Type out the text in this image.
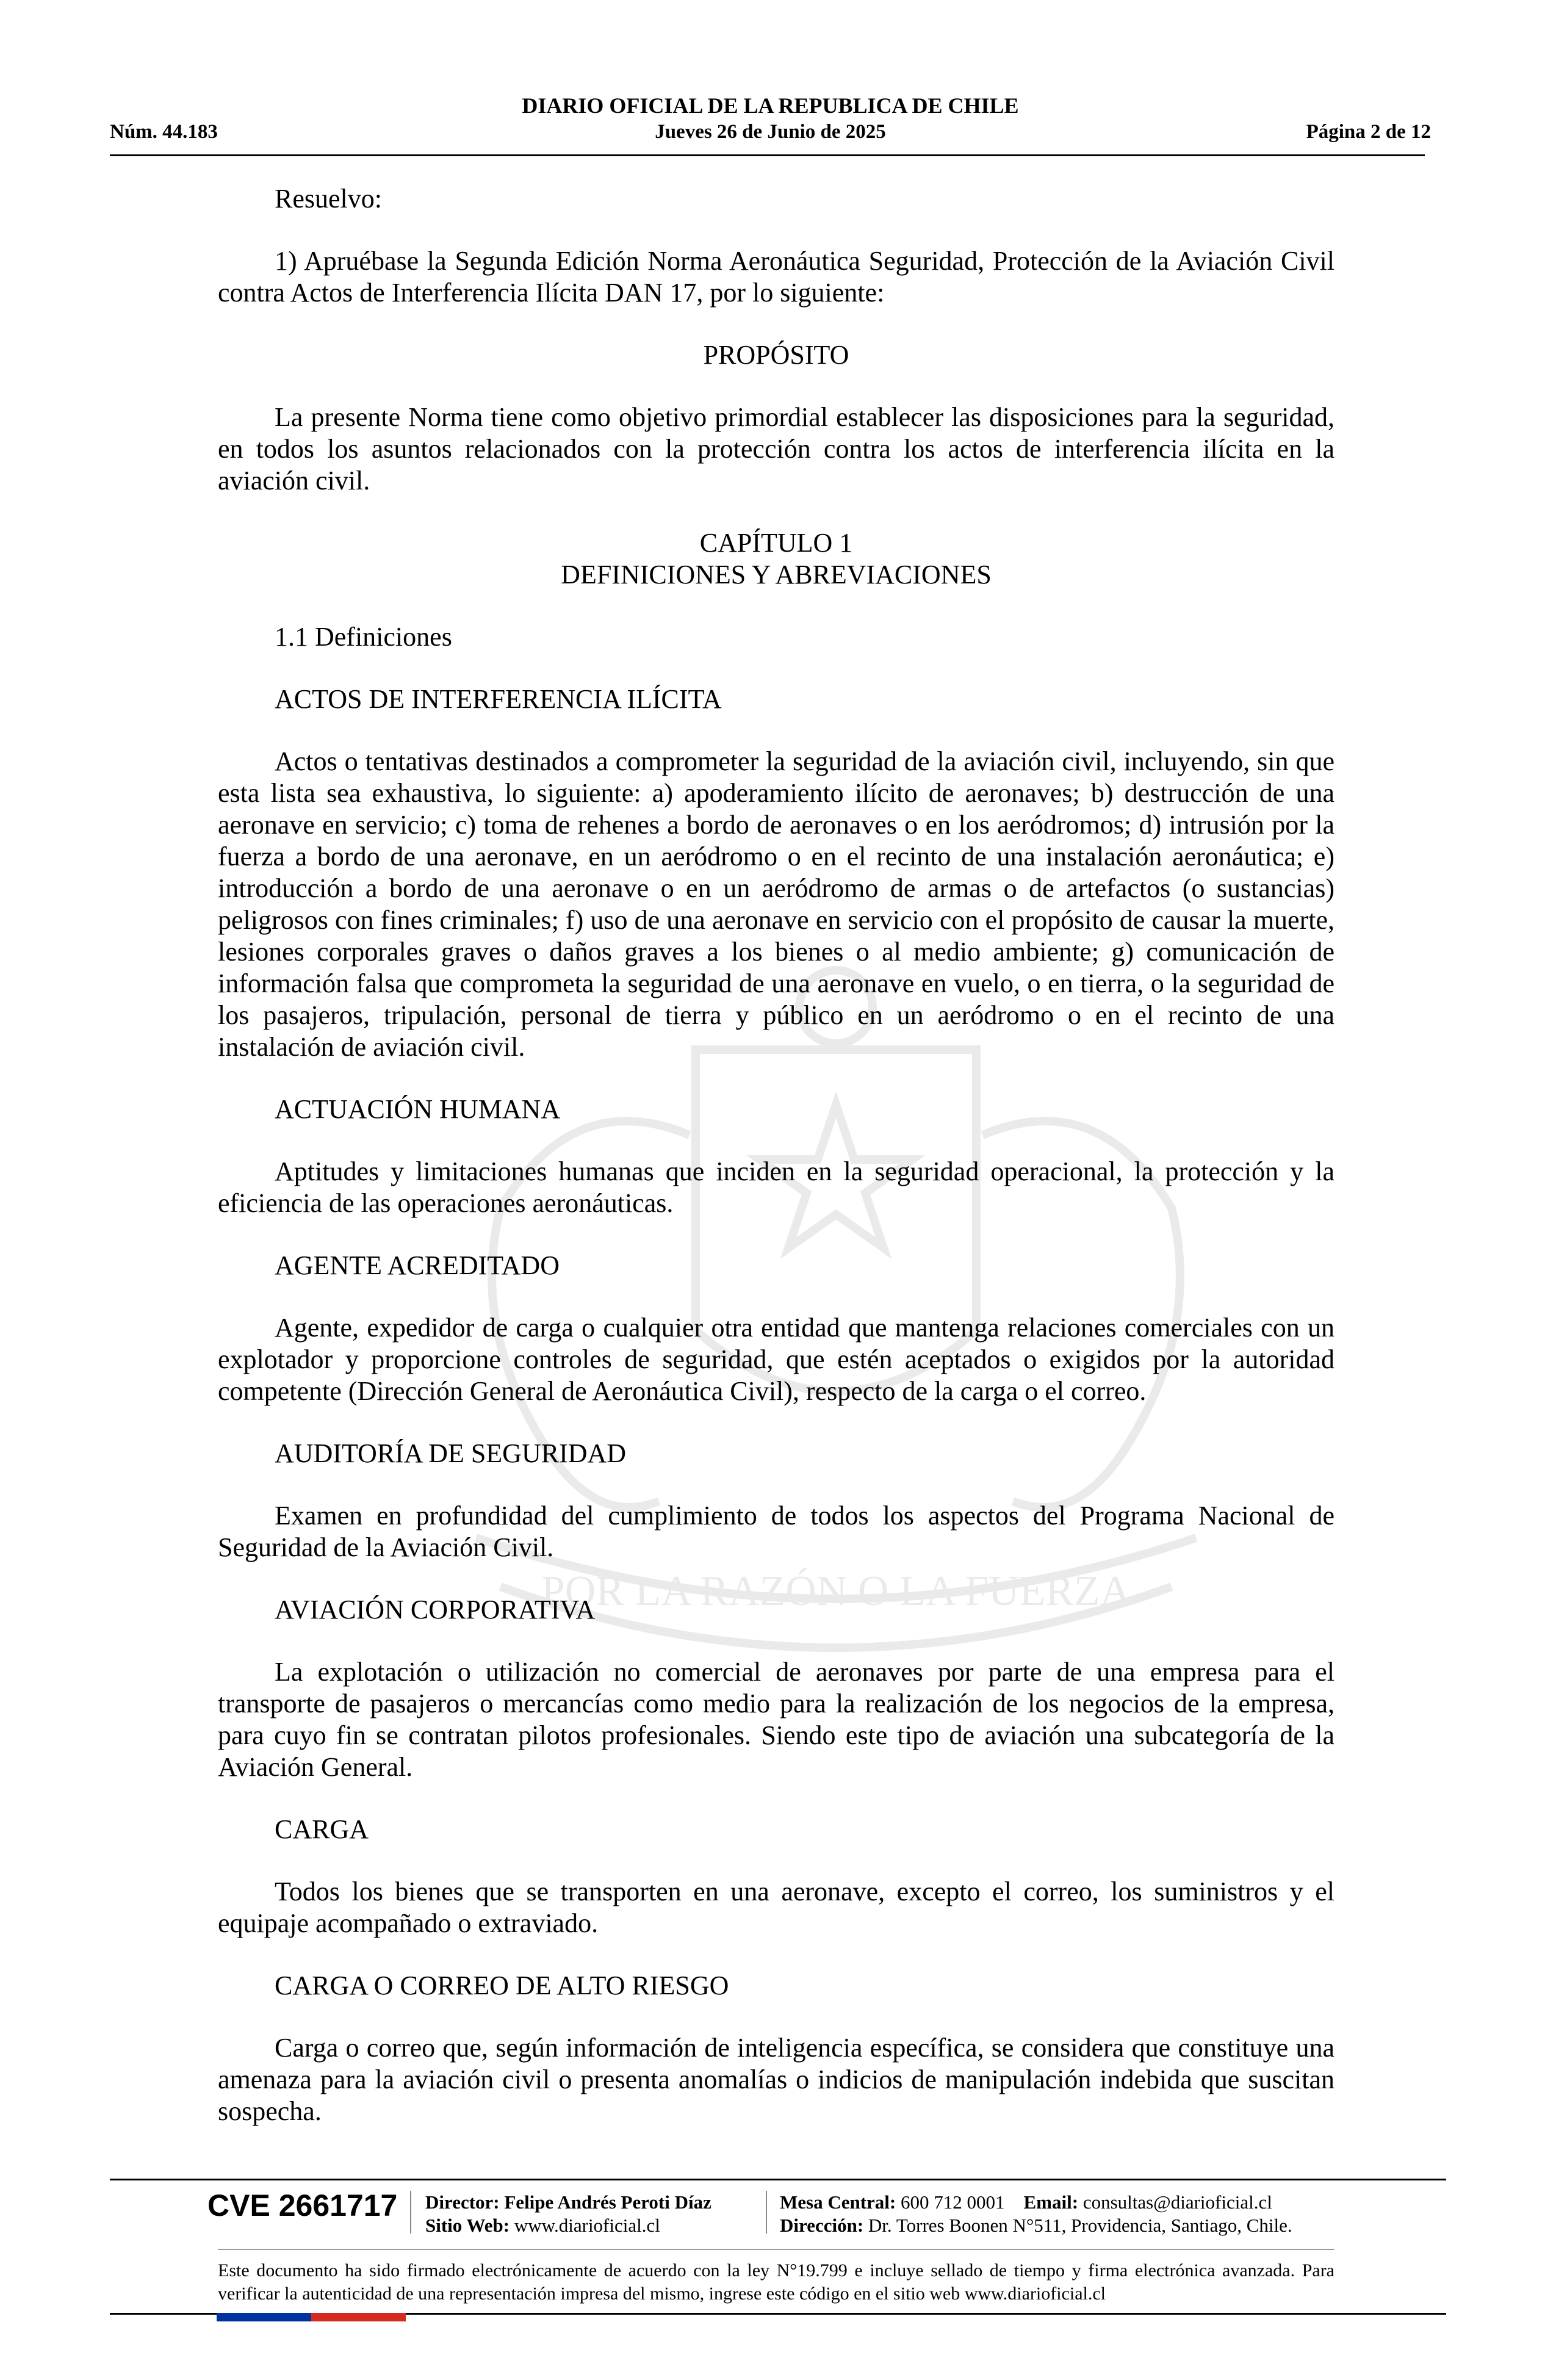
POR LA RAZÓN O LA FUERZA
DIARIO OFICIAL DE LA REPUBLICA DE CHILE
Núm. 44.183	Jueves 26 de Junio de 2025	Página 2 de 12

Resuelvo:

1) Apruébase la Segunda Edición Norma Aeronáutica Seguridad, Protección de la Aviación Civil contra Actos de Interferencia Ilícita DAN 17, por lo siguiente:

PROPÓSITO

La presente Norma tiene como objetivo primordial establecer las disposiciones para la seguridad, en todos los asuntos relacionados con la protección contra los actos de interferencia ilícita en la aviación civil.

CAPÍTULO 1

DEFINICIONES Y ABREVIACIONES

1.1 Definiciones

ACTOS DE INTERFERENCIA ILÍCITA

Actos o tentativas destinados a comprometer la seguridad de la aviación civil, incluyendo, sin que esta lista sea exhaustiva, lo siguiente: a) apoderamiento ilícito de aeronaves; b) destrucción de una aeronave en servicio; c) toma de rehenes a bordo de aeronaves o en los aeródromos; d) intrusión por la fuerza a bordo de una aeronave, en un aeródromo o en el recinto de una instalación aeronáutica; e) introducción a bordo de una aeronave o en un aeródromo de armas o de artefactos (o sustancias) peligrosos con fines criminales; f) uso de una aeronave en servicio con el propósito de causar la muerte, lesiones corporales graves o daños graves a los bienes o al medio ambiente; g) comunicación de información falsa que comprometa la seguridad de una aeronave en vuelo, o en tierra, o la seguridad de los pasajeros, tripulación, personal de tierra y público en un aeródromo o en el recinto de una instalación de aviación civil.

ACTUACIÓN HUMANA

Aptitudes y limitaciones humanas que inciden en la seguridad operacional, la protección y la eficiencia de las operaciones aeronáuticas.

AGENTE ACREDITADO

Agente, expedidor de carga o cualquier otra entidad que mantenga relaciones comerciales con un explotador y proporcione controles de seguridad, que estén aceptados o exigidos por la autoridad competente (Dirección General de Aeronáutica Civil), respecto de la carga o el correo.

AUDITORÍA DE SEGURIDAD

Examen en profundidad del cumplimiento de todos los aspectos del Programa Nacional de Seguridad de la Aviación Civil.

AVIACIÓN CORPORATIVA

La explotación o utilización no comercial de aeronaves por parte de una empresa para el transporte de pasajeros o mercancías como medio para la realización de los negocios de la empresa, para cuyo fin se contratan pilotos profesionales. Siendo este tipo de aviación una subcategoría de la Aviación General.

CARGA

Todos los bienes que se transporten en una aeronave, excepto el correo, los suministros y el equipaje acompañado o extraviado.

CARGA O CORREO DE ALTO RIESGO

Carga o correo que, según información de inteligencia específica, se considera que constituye una amenaza para la aviación civil o presenta anomalías o indicios de manipulación indebida que suscitan sospecha.

CVE 2661717 Director: Felipe Andrés Peroti Díaz
Sitio Web: www.diarioficial.cl
Mesa Central: 600 712 0001 Email: consultas@diarioficial.cl
Dirección: Dr. Torres Boonen N°511, Providencia, Santiago, Chile.
Este documento ha sido firmado electrónicamente de acuerdo con la ley N°19.799 e incluye sellado de tiempo y firma electrónica avanzada. Para verificar la autenticidad de una representación impresa del mismo, ingrese este código en el sitio web www.diarioficial.cl
